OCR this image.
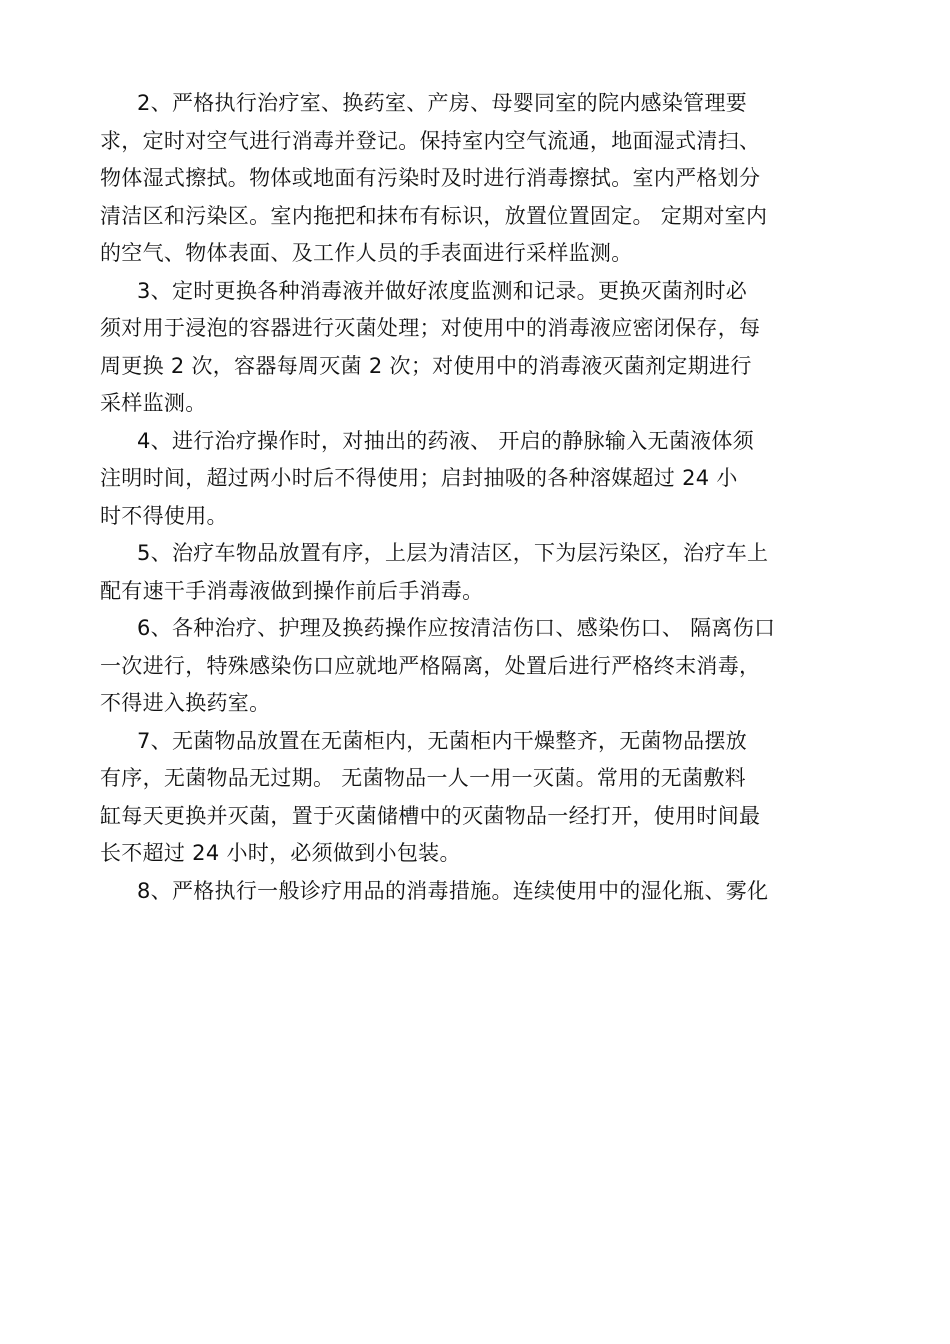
2、严格执行治疗室、换药室、产房、母婴同室的院内感染管理要
求，定时对空气进行消毒并登记。保持室内空气流通，地面湿式清扫、
物体湿式擦拭。物体或地面有污染时及时进行消毒擦拭。室内严格划分
清洁区和污染区。室内拖把和抹布有标识，放置位置固定。 定期对室内
的空气、物体表面、及工作人员的手表面进行采样监测。
3、定时更换各种消毒液并做好浓度监测和记录。更换灭菌剂时必
须对用于浸泡的容器进行灭菌处理；对使用中的消毒液应密闭保存，每
周更换 2 次，容器每周灭菌 2 次；对使用中的消毒液灭菌剂定期进行
采样监测。
4、进行治疗操作时，对抽出的药液、 开启的静脉输入无菌液体须
注明时间，超过两小时后不得使用；启封抽吸的各种溶媒超过 24 小
时不得使用。
5、治疗车物品放置有序，上层为清洁区，下为层污染区，治疗车上
配有速干手消毒液做到操作前后手消毒。
6、各种治疗、护理及换药操作应按清洁伤口、感染伤口、 隔离伤口
一次进行，特殊感染伤口应就地严格隔离，处置后进行严格终末消毒，
不得进入换药室。
7、无菌物品放置在无菌柜内，无菌柜内干燥整齐，无菌物品摆放
有序，无菌物品无过期。 无菌物品一人一用一灭菌。常用的无菌敷料
缸每天更换并灭菌，置于灭菌储槽中的灭菌物品一经打开，使用时间最
长不超过 24 小时，必须做到小包装。
8、严格执行一般诊疗用品的消毒措施。连续使用中的湿化瓶、雾化
